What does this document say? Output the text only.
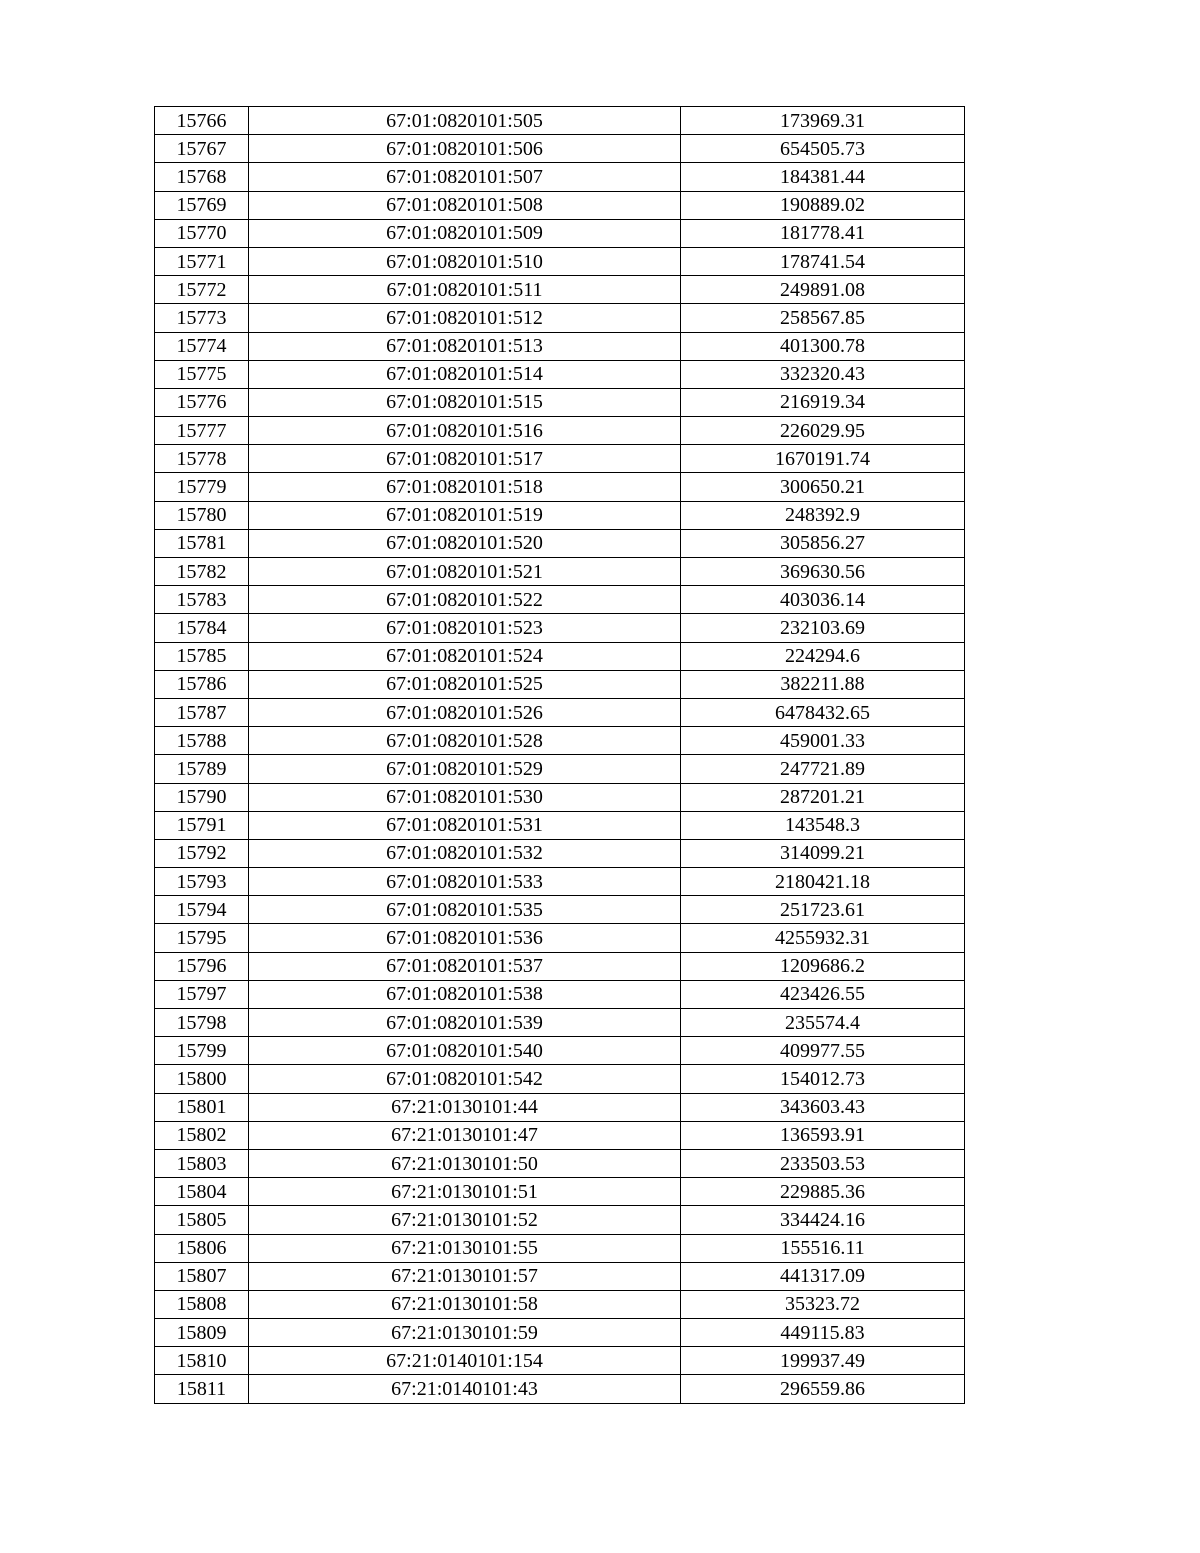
15766	67:01:0820101:505	173969.31
15767	67:01:0820101:506	654505.73
15768	67:01:0820101:507	184381.44
15769	67:01:0820101:508	190889.02
15770	67:01:0820101:509	181778.41
15771	67:01:0820101:510	178741.54
15772	67:01:0820101:511	249891.08
15773	67:01:0820101:512	258567.85
15774	67:01:0820101:513	401300.78
15775	67:01:0820101:514	332320.43
15776	67:01:0820101:515	216919.34
15777	67:01:0820101:516	226029.95
15778	67:01:0820101:517	1670191.74
15779	67:01:0820101:518	300650.21
15780	67:01:0820101:519	248392.9
15781	67:01:0820101:520	305856.27
15782	67:01:0820101:521	369630.56
15783	67:01:0820101:522	403036.14
15784	67:01:0820101:523	232103.69
15785	67:01:0820101:524	224294.6
15786	67:01:0820101:525	382211.88
15787	67:01:0820101:526	6478432.65
15788	67:01:0820101:528	459001.33
15789	67:01:0820101:529	247721.89
15790	67:01:0820101:530	287201.21
15791	67:01:0820101:531	143548.3
15792	67:01:0820101:532	314099.21
15793	67:01:0820101:533	2180421.18
15794	67:01:0820101:535	251723.61
15795	67:01:0820101:536	4255932.31
15796	67:01:0820101:537	1209686.2
15797	67:01:0820101:538	423426.55
15798	67:01:0820101:539	235574.4
15799	67:01:0820101:540	409977.55
15800	67:01:0820101:542	154012.73
15801	67:21:0130101:44	343603.43
15802	67:21:0130101:47	136593.91
15803	67:21:0130101:50	233503.53
15804	67:21:0130101:51	229885.36
15805	67:21:0130101:52	334424.16
15806	67:21:0130101:55	155516.11
15807	67:21:0130101:57	441317.09
15808	67:21:0130101:58	35323.72
15809	67:21:0130101:59	449115.83
15810	67:21:0140101:154	199937.49
15811	67:21:0140101:43	296559.86
